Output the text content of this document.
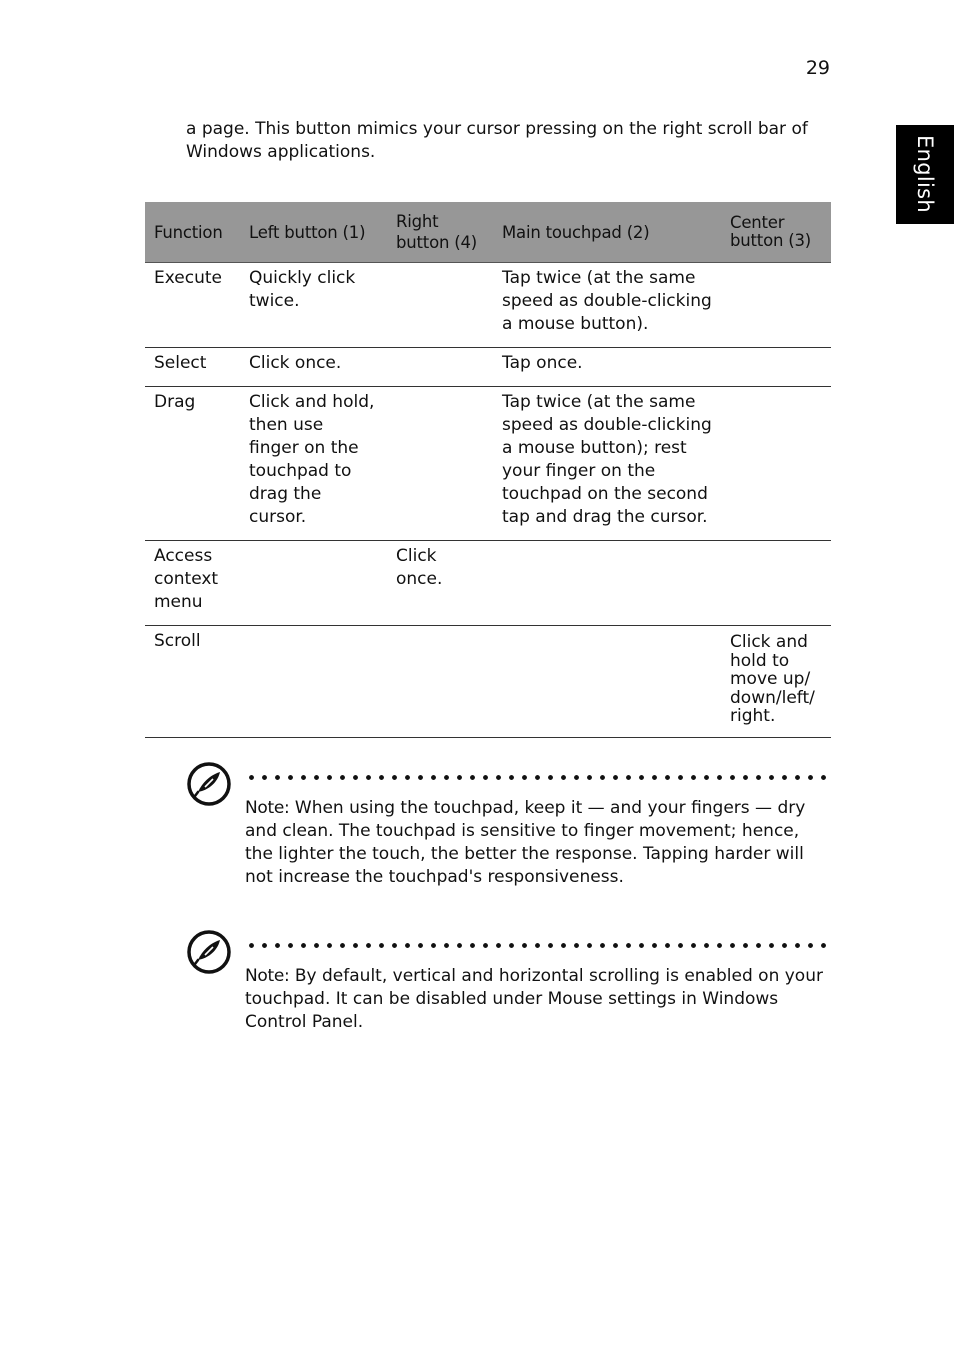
29
English
a page. This button mimics your cursor pressing on the right scroll bar of Windows applications.
Function	Left button (1)	Right button (4)	Main touchpad (2)	Center button (3)
Execute	Quickly click twice.		Tap twice (at the same speed as double-clicking a mouse button).	
Select	Click once.		Tap once.	
Drag	Click and hold, then use finger on the touchpad to drag the cursor.		Tap twice (at the same speed as double-clicking a mouse button); rest your finger on the touchpad on the second tap and drag the cursor.	
Access context menu		Click once.		
Scroll				Click and hold to move up/ down/left/ right.
Note: When using the touchpad, keep it — and your fingers — dry and clean. The touchpad is sensitive to finger movement; hence, the lighter the touch, the better the response. Tapping harder will not increase the touchpad's responsiveness.
Note: By default, vertical and horizontal scrolling is enabled on your touchpad. It can be disabled under Mouse settings in Windows Control Panel.
